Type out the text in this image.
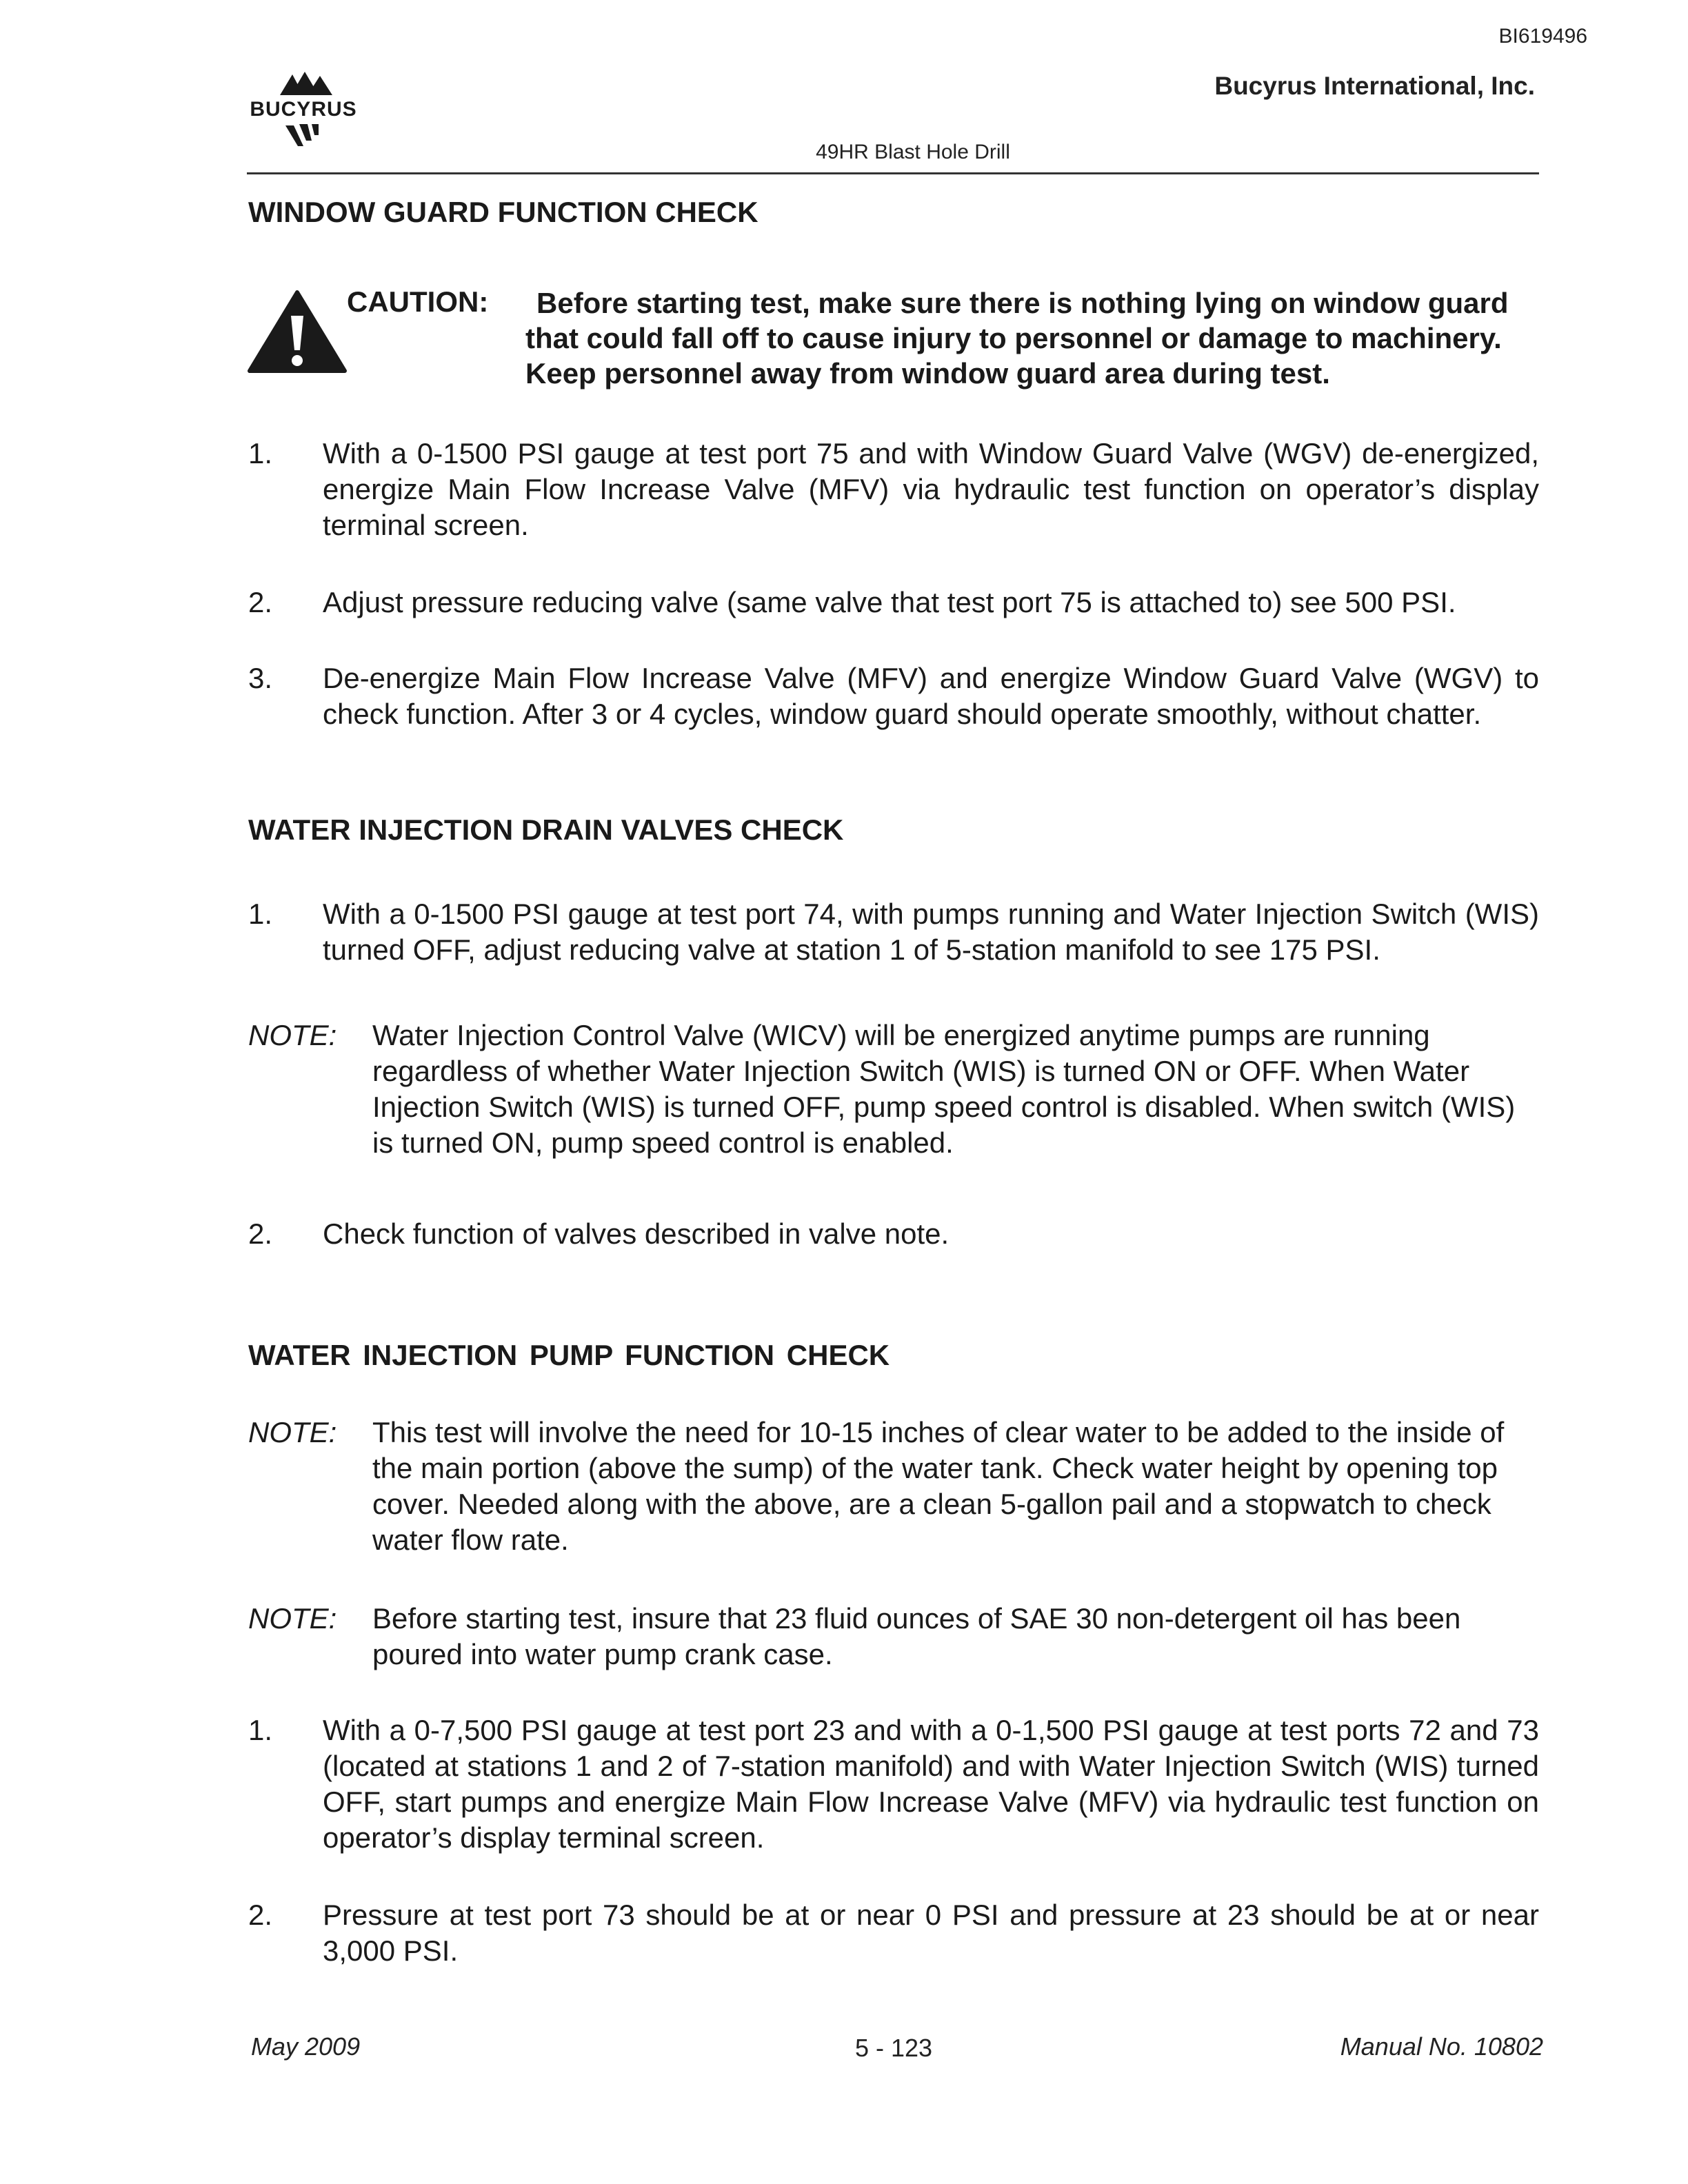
BI619496
BUCYRUS
Bucyrus International, Inc.
49HR Blast Hole Drill
WINDOW GUARD FUNCTION CHECK
CAUTION:	Before starting test, make sure there is nothing lying on window guard that could fall off to cause injury to personnel or damage to machinery. Keep personnel away from window guard area during test.
1. With a 0-1500 PSI gauge at test port 75 and with Window Guard Valve (WGV) de-energized, energize Main Flow Increase Valve (MFV) via hydraulic test function on operator’s display terminal screen.
2. Adjust pressure reducing valve (same valve that test port 75 is attached to) see 500 PSI.
3. De-energize Main Flow Increase Valve (MFV) and energize Window Guard Valve (WGV) to check function. After 3 or 4 cycles, window guard should operate smoothly, without chatter.
WATER INJECTION DRAIN VALVES CHECK
1. With a 0-1500 PSI gauge at test port 74, with pumps running and Water Injection Switch (WIS) turned OFF, adjust reducing valve at station 1 of 5-station manifold to see 175 PSI.
NOTE: Water Injection Control Valve (WICV) will be energized anytime pumps are running regardless of whether Water Injection Switch (WIS) is turned ON or OFF. When Water Injection Switch (WIS) is turned OFF, pump speed control is disabled. When switch (WIS) is turned ON, pump speed control is enabled.
2. Check function of valves described in valve note.
WATER INJECTION PUMP FUNCTION CHECK
NOTE: This test will involve the need for 10-15 inches of clear water to be added to the inside of the main portion (above the sump) of the water tank. Check water height by opening top cover. Needed along with the above, are a clean 5-gallon pail and a stopwatch to check water flow rate.
NOTE: Before starting test, insure that 23 fluid ounces of SAE 30 non-detergent oil has been poured into water pump crank case.
1. With a 0-7,500 PSI gauge at test port 23 and with a 0-1,500 PSI gauge at test ports 72 and 73 (located at stations 1 and 2 of 7-station manifold) and with Water Injection Switch (WIS) turned OFF, start pumps and energize Main Flow Increase Valve (MFV) via hydraulic test function on operator’s display terminal screen.
2. Pressure at test port 73 should be at or near 0 PSI and pressure at 23 should be at or near 3,000 PSI.
May 2009	5 - 123	Manual No. 10802
